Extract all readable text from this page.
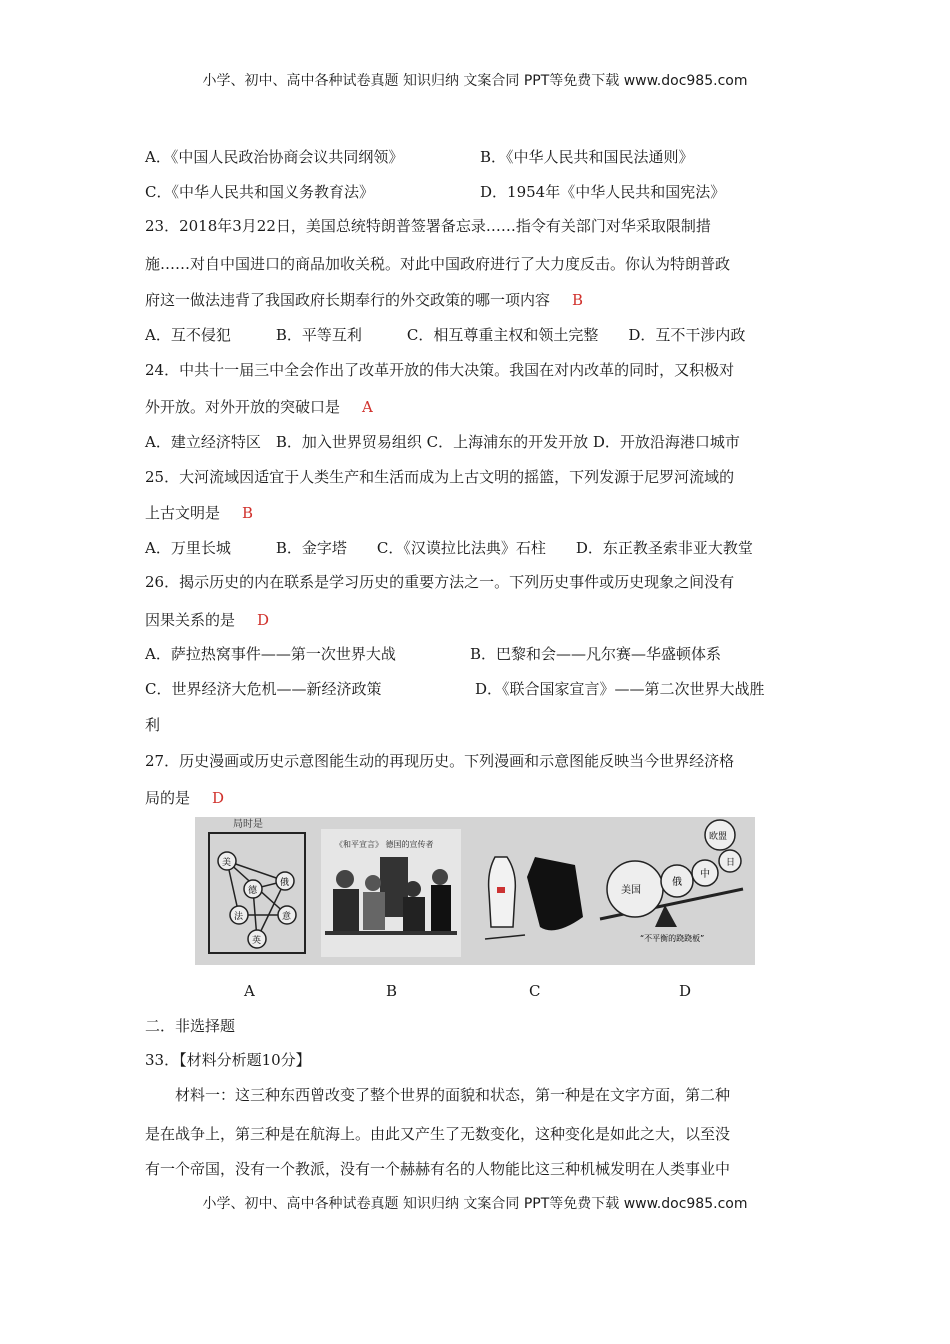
小学、初中、高中各种试卷真题 知识归纳 文案合同 PPT等免费下载 www.doc985.com
A．《中国人民政治协商会议共同纲领》	B．《中华人民共和国民法通则》
C．《中华人民共和国义务教育法》	D．1954年《中华人民共和国宪法》
23．2018年3月22日，美国总统特朗普签署备忘录……指令有关部门对华采取限制措
施……对自中国进口的商品加收关税。对此中国政府进行了大力度反击。你认为特朗普政
府这一做法违背了我国政府长期奉行的外交政策的哪一项内容 B
A．互不侵犯　　　B．平等互利　　　C．相互尊重主权和领土完整　　D．互不干涉内政
24．中共十一届三中全会作出了改革开放的伟大决策。我国在对内改革的同时，又积极对
外开放。对外开放的突破口是 A
A．建立经济特区　B．加入世界贸易组织 C．上海浦东的开发开放 D．开放沿海港口城市
25．大河流域因适宜于人类生产和生活而成为上古文明的摇篮，下列发源于尼罗河流域的
上古文明是 B
A．万里长城　　　B．金字塔　　C．《汉谟拉比法典》石柱　　D．东正教圣索非亚大教堂
26．揭示历史的内在联系是学习历史的重要方法之一。下列历史事件或历史现象之间没有
因果关系的是 D
A．萨拉热窝事件——第一次世界大战	B．巴黎和会——凡尔赛—华盛顿体系
C．世界经济大危机——新经济政策	D．《联合国家宣言》——第二次世界大战胜
利
27．历史漫画或历史示意图能生动的再现历史。下列漫画和示意图能反映当今世界经济格
局的是 D
局时是
美
德
俄
法	意
英
《和平宣言》 德国的宣传者
美国
俄
中
日
欧盟
“不平衡的跷跷板”
A	B	C	D
二．非选择题
33．【材料分析题10分】
材料一：这三种东西曾改变了整个世界的面貌和状态，第一种是在文字方面，第二种
是在战争上，第三种是在航海上。由此又产生了无数变化，这种变化是如此之大，以至没
有一个帝国，没有一个教派，没有一个赫赫有名的人物能比这三种机械发明在人类事业中
小学、初中、高中各种试卷真题 知识归纳 文案合同 PPT等免费下载 www.doc985.com
